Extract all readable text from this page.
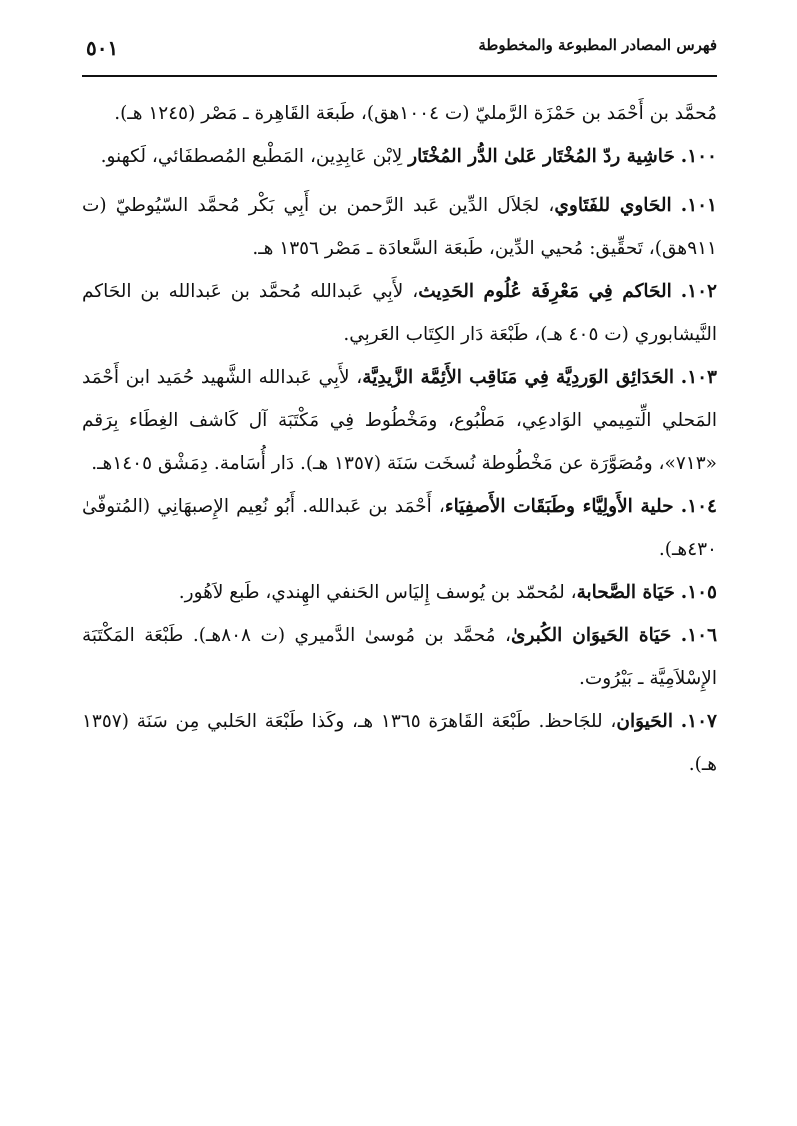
فهرس المصادر المطبوعة والمخطوطة
٥٠١

مُحمَّد بن أَحْمَد بن حَمْزَة الرَّمليّ (ت ١٠٠٤هق)، طَبعَة القَاهِرة ـ مَصْر (١٢٤٥ هـ).

١٠٠. حَاشِية ردّ المُخْتَار عَلىٰ الدُّر المُخْتَار لِابْن عَابِدِين، المَطْبع المُصطفَائي، لَكهنو.

١٠١. الحَاوي للفَتَاوي، لجَلاَل الدِّين عَبد الرَّحمن بن أَبِي بَكْر مُحمَّد السّيُوطيّ (ت ٩١١هق)، تَحقِّيق: مُحيي الدِّين، طَبعَة السَّعادَة ـ مَصْر ١٣٥٦ هـ.

١٠٢. الحَاكم فِي مَعْرِفَة عُلُوم الحَدِيث، لأَبِي عَبدالله مُحمَّد بن عَبدالله بن الحَاكم النَّيشابوري (ت ٤٠٥ هـ)، طَبْعَة دَار الكِتَاب العَربِي.

١٠٣. الحَدَائِق الوَردِيَّة فِي مَنَاقِب الأَئِمَّة الزَّيدِيَّة، لأَبِي عَبدالله الشَّهيد حُمَيد ابن أَحْمَد المَحلي الِّتمِيمي الوَادعِي، مَطْبُوع، ومَخْطُوط فِي مَكْتَبَة آل كَاشف الغِطَاء بِرَقم «٧١٣»، ومُصَوَّرَة عن مَخْطُوطة نُسخَت سَنَة (١٣٥٧ هـ). دَار أُسَامة. دِمَشْق ١٤٠٥هـ.

١٠٤. حلية الأَولِيَّاء وطَبَقَات الأَصفِيَاء، أَحْمَد بن عَبدالله. أَبُو نُعِيم الإِصبهَانِي (المُتوفّىٰ ٤٣٠هـ).

١٠٥. حَيَاة الصَّحابة، لمُحمّد بن يُوسف إِليَاس الحَنفي الهِندي، طَبع لاَهُور.

١٠٦. حَيَاة الحَيوَان الكُبرىٰ، مُحمَّد بن مُوسىٰ الدَّميري (ت ٨٠٨هـ). طَبْعَة المَكْتَبَة الإِسْلاَمِيَّة ـ بَيْرُوت.

١٠٧. الحَيوَان، للجَاحظ. طَبْعَة القَاهرَة ١٣٦٥ هـ، وكَذا طَبْعَة الحَلبي مِن سَنَة (١٣٥٧ هـ).
